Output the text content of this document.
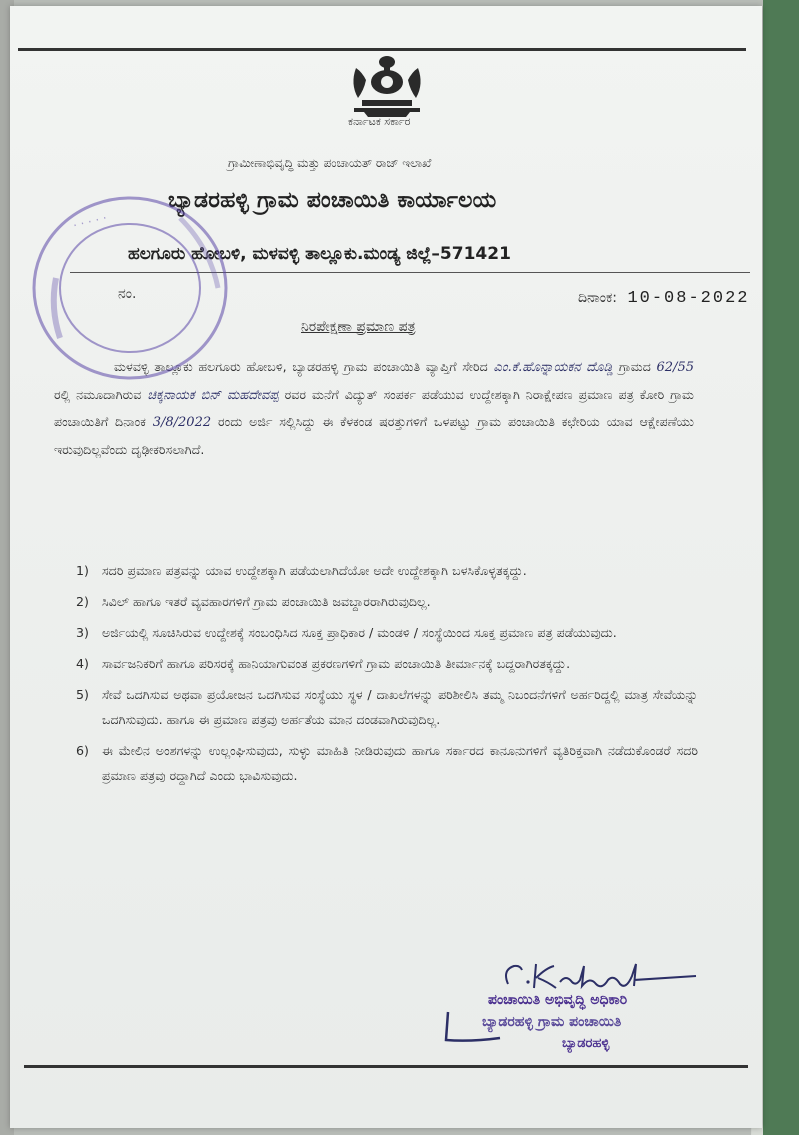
ಕರ್ನಾಟಕ ಸರ್ಕಾರ
ಗ್ರಾಮೀಣಾಭಿವೃದ್ಧಿ ಮತ್ತು ಪಂಚಾಯತ್ ರಾಜ್ ಇಲಾಖೆ
ಬ್ಯಾಡರಹಳ್ಳಿ ಗ್ರಾಮ ಪಂಚಾಯಿತಿ ಕಾರ್ಯಾಲಯ
ಹಲಗೂರು ಹೋಬಳಿ, ಮಳವಳ್ಳಿ ತಾಲ್ಲೂಕು.ಮಂಡ್ಯ ಜಿಲ್ಲೆ–571421
ನಂ.	ದಿನಾಂಕ: 10-08-2022
ನಿರಪೇಕ್ಷಣಾ ಪ್ರಮಾಣ ಪತ್ರ
ಮಳವಳ್ಳಿ ತಾಲ್ಲೂಕು ಹಲಗೂರು ಹೋಬಳಿ, ಬ್ಯಾಡರಹಳ್ಳಿ ಗ್ರಾಮ ಪಂಚಾಯಿತಿ ವ್ಯಾಪ್ತಿಗೆ ಸೇರಿದ ಎಂ.ಕೆ.ಹೊನ್ನಾಯಕನ ದೊಡ್ಡಿ ಗ್ರಾಮದ 62/55 ರಲ್ಲಿ ನಮೂದಾಗಿರುವ ಚಿಕ್ಕನಾಯಕ ಬಿನ್ ಮಹದೇವಪ್ಪ ರವರ ಮನೆಗೆ ವಿದ್ಯುತ್ ಸಂಪರ್ಕ ಪಡೆಯುವ ಉದ್ದೇಶಕ್ಕಾಗಿ ನಿರಾಕ್ಷೇಪಣ ಪ್ರಮಾಣ ಪತ್ರ ಕೋರಿ ಗ್ರಾಮ ಪಂಚಾಯಿತಿಗೆ ದಿನಾಂಕ 3/8/2022 ರಂದು ಅರ್ಜಿ ಸಲ್ಲಿಸಿದ್ದು ಈ ಕೆಳಕಂಡ ಷರತ್ತುಗಳಿಗೆ ಒಳಪಟ್ಟು ಗ್ರಾಮ ಪಂಚಾಯಿತಿ ಕಛೇರಿಯ ಯಾವ ಆಕ್ಷೇಪಣೆಯು ಇರುವುದಿಲ್ಲವೆಂದು ದೃಢೀಕರಿಸಲಾಗಿದೆ.
1) ಸದರಿ ಪ್ರಮಾಣ ಪತ್ರವನ್ನು ಯಾವ ಉದ್ದೇಶಕ್ಕಾಗಿ ಪಡೆಯಲಾಗಿದೆಯೋ ಅದೇ ಉದ್ದೇಶಕ್ಕಾಗಿ ಬಳಸಿಕೊಳ್ಳತಕ್ಕದ್ದು.
2) ಸಿವಿಲ್ ಹಾಗೂ ಇತರೆ ವ್ಯವಹಾರಗಳಿಗೆ ಗ್ರಾಮ ಪಂಚಾಯಿತಿ ಜವಬ್ದಾರರಾಗಿರುವುದಿಲ್ಲ.
3) ಅರ್ಜಿಯಲ್ಲಿ ಸೂಚಿಸಿರುವ ಉದ್ದೇಶಕ್ಕೆ ಸಂಬಂಧಿಸಿದ ಸೂಕ್ತ ಪ್ರಾಧಿಕಾರ / ಮಂಡಳಿ / ಸಂಸ್ಥೆಯಿಂದ ಸೂಕ್ತ ಪ್ರಮಾಣ ಪತ್ರ ಪಡೆಯುವುದು.
4) ಸಾರ್ವಜನಿಕರಿಗೆ ಹಾಗೂ ಪರಿಸರಕ್ಕೆ ಹಾನಿಯಾಗುವಂತ ಪ್ರಕರಣಗಳಿಗೆ ಗ್ರಾಮ ಪಂಚಾಯಿತಿ ತೀರ್ಮಾನಕ್ಕೆ ಬದ್ದರಾಗಿರತಕ್ಕದ್ದು.
5) ಸೇವೆ ಒದಗಿಸುವ ಅಥವಾ ಪ್ರಯೋಜನ ಒದಗಿಸುವ ಸಂಸ್ಥೆಯು ಸ್ಥಳ / ದಾಖಲೆಗಳನ್ನು ಪರಿಶೀಲಿಸಿ ತಮ್ಮ ನಿಬಂದನೆಗಳಿಗೆ ಅರ್ಹರಿದ್ದಲ್ಲಿ ಮಾತ್ರ ಸೇವೆಯನ್ನು ಒದಗಿಸುವುದು. ಹಾಗೂ ಈ ಪ್ರಮಾಣ ಪತ್ರವು ಅರ್ಹತೆಯ ಮಾನ ದಂಡವಾಗಿರುವುದಿಲ್ಲ.
6) ಈ ಮೇಲಿನ ಅಂಶಗಳನ್ನು ಉಲ್ಲಂಘಿಸುವುದು, ಸುಳ್ಳು ಮಾಹಿತಿ ನೀಡಿರುವುದು ಹಾಗೂ ಸರ್ಕಾರದ ಕಾನೂನುಗಳಿಗೆ ವ್ಯತಿರಿಕ್ತವಾಗಿ ನಡೆದುಕೊಂಡರೆ ಸದರಿ ಪ್ರಮಾಣ ಪತ್ರವು ರದ್ದಾಗಿದೆ ಎಂದು ಭಾವಿಸುವುದು.
· · · · ·
ಪಂಚಾಯಿತಿ ಅಭಿವೃದ್ಧಿ ಅಧಿಕಾರಿ
ಬ್ಯಾಡರಹಳ್ಳಿ ಗ್ರಾಮ ಪಂಚಾಯಿತಿ
ಬ್ಯಾಡರಹಳ್ಳಿ
